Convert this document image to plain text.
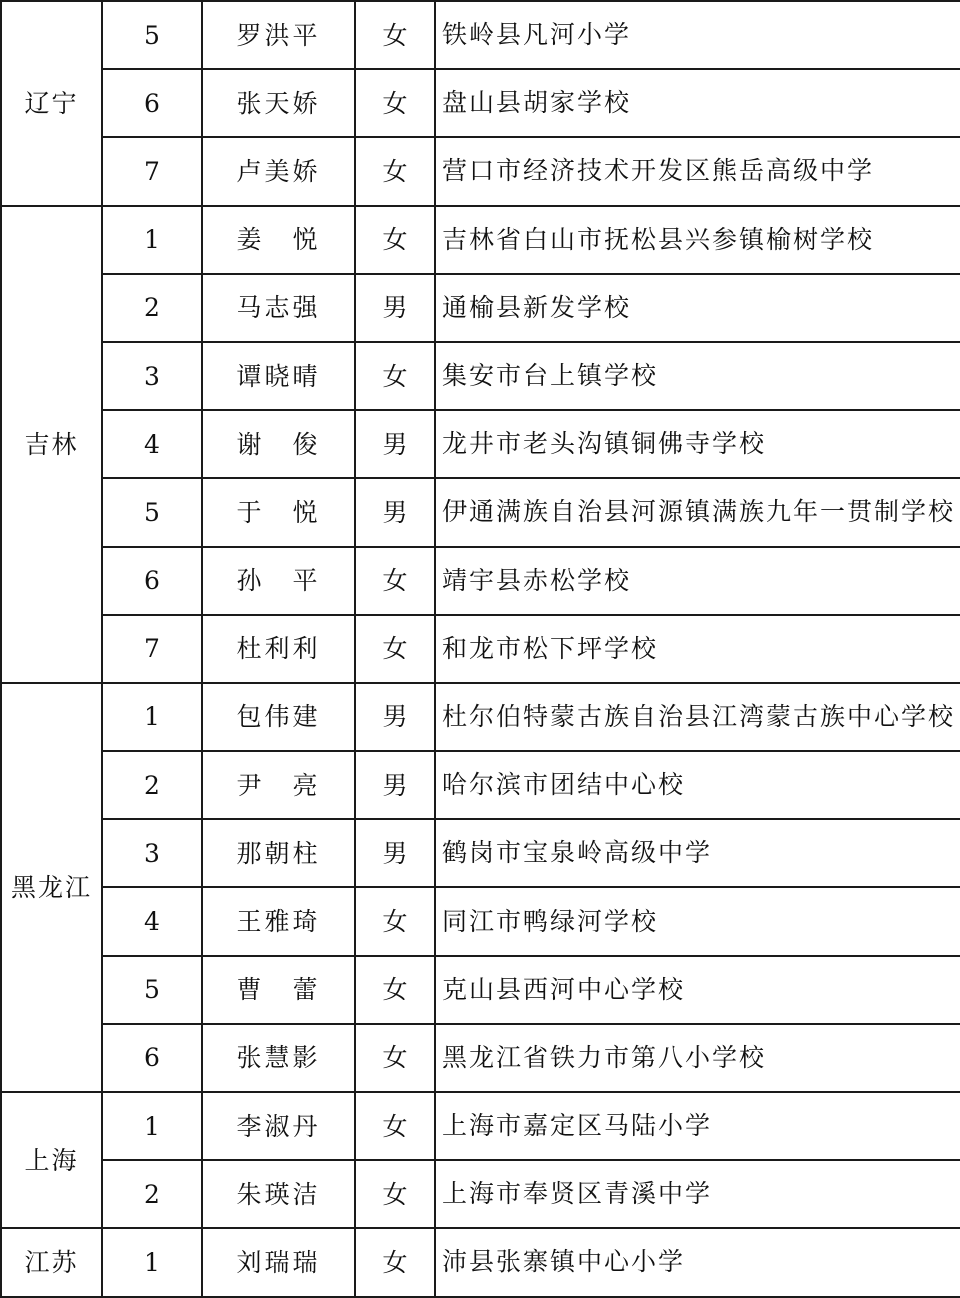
辽宁	5	罗洪平	女	铁岭县凡河小学
	6	张天娇	女	盘山县胡家学校
	7	卢美娇	女	营口市经济技术开发区熊岳高级中学
吉林	1	姜　悦	女	吉林省白山市抚松县兴参镇榆树学校
	2	马志强	男	通榆县新发学校
	3	谭晓晴	女	集安市台上镇学校
	4	谢　俊	男	龙井市老头沟镇铜佛寺学校
	5	于　悦	男	伊通满族自治县河源镇满族九年一贯制学校
	6	孙　平	女	靖宇县赤松学校
	7	杜利利	女	和龙市松下坪学校
黑龙江	1	包伟建	男	杜尔伯特蒙古族自治县江湾蒙古族中心学校
	2	尹　亮	男	哈尔滨市团结中心校
	3	那朝柱	男	鹤岗市宝泉岭高级中学
	4	王雅琦	女	同江市鸭绿河学校
	5	曹　蕾	女	克山县西河中心学校
	6	张慧影	女	黑龙江省铁力市第八小学校
上海	1	李淑丹	女	上海市嘉定区马陆小学
	2	朱瑛洁	女	上海市奉贤区青溪中学
江苏	1	刘瑞瑞	女	沛县张寨镇中心小学
